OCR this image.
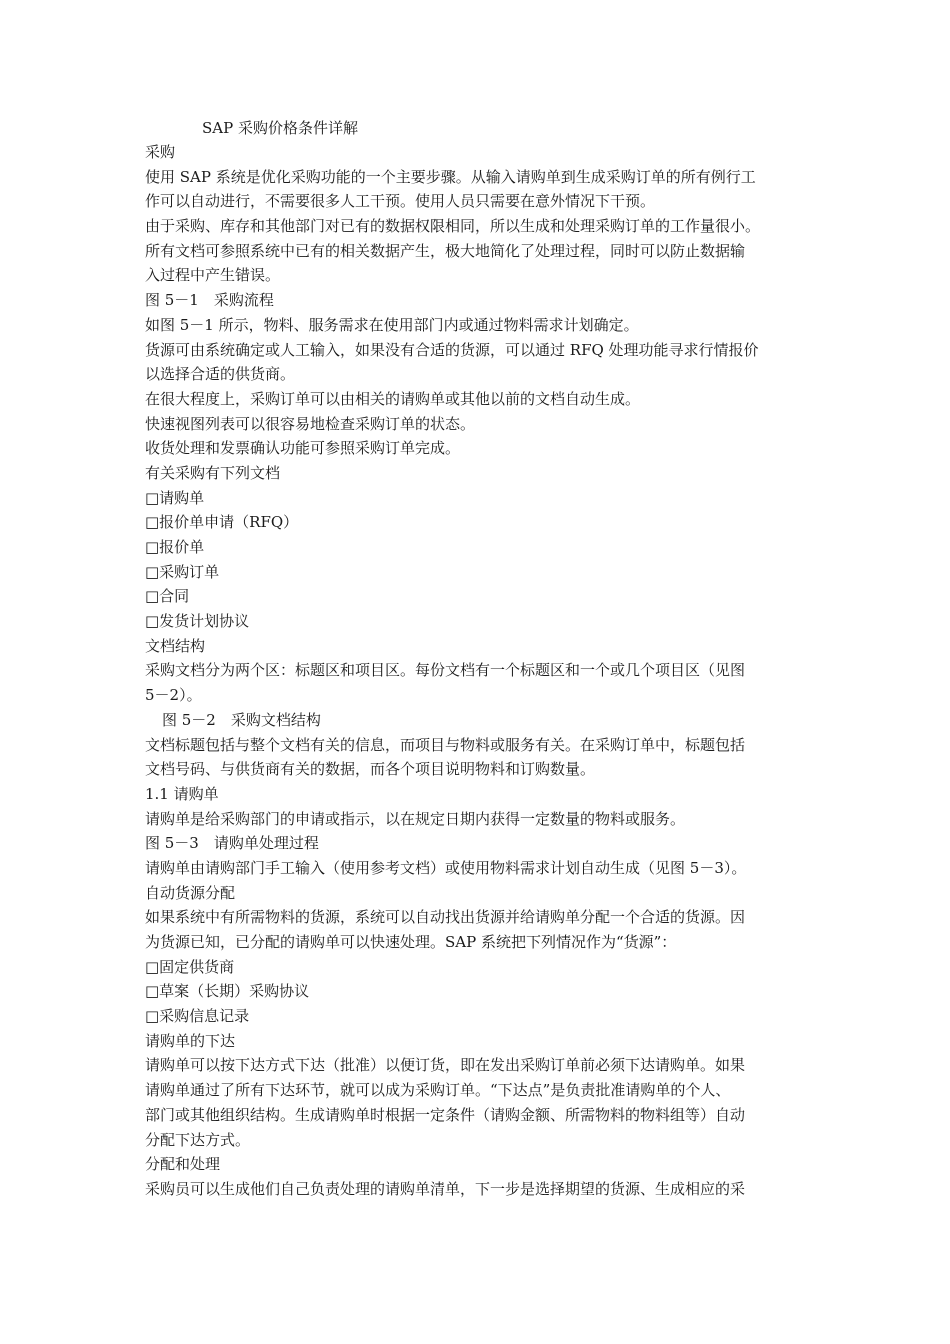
SAP 采购价格条件详解
采购
使用 SAP 系统是优化采购功能的一个主要步骤。从输入请购单到生成采购订单的所有例行工
作可以自动进行，不需要很多人工干预。使用人员只需要在意外情况下干预。
由于采购、库存和其他部门对已有的数据权限相同，所以生成和处理采购订单的工作量很小。
所有文档可参照系统中已有的相关数据产生，极大地简化了处理过程，同时可以防止数据输
入过程中产生错误。
图 5－1　采购流程
如图 5－1 所示，物料、服务需求在使用部门内或通过物料需求计划确定。
货源可由系统确定或人工输入，如果没有合适的货源，可以通过 RFQ 处理功能寻求行情报价
以选择合适的供货商。
在很大程度上，采购订单可以由相关的请购单或其他以前的文档自动生成。
快速视图列表可以很容易地检查采购订单的状态。
收货处理和发票确认功能可参照采购订单完成。
有关采购有下列文档
□请购单
□报价单申请（RFQ）
□报价单
□采购订单
□合同
□发货计划协议
文档结构
采购文档分为两个区：标题区和项目区。每份文档有一个标题区和一个或几个项目区（见图
5－2）。
图 5－2　采购文档结构
文档标题包括与整个文档有关的信息，而项目与物料或服务有关。在采购订单中，标题包括
文档号码、与供货商有关的数据，而各个项目说明物料和订购数量。
1.1 请购单
请购单是给采购部门的申请或指示，以在规定日期内获得一定数量的物料或服务。
图 5－3　请购单处理过程
请购单由请购部门手工输入（使用参考文档）或使用物料需求计划自动生成（见图 5－3）。
自动货源分配
如果系统中有所需物料的货源，系统可以自动找出货源并给请购单分配一个合适的货源。因
为货源已知，已分配的请购单可以快速处理。SAP 系统把下列情况作为“货源”：
□固定供货商
□草案（长期）采购协议
□采购信息记录
请购单的下达
请购单可以按下达方式下达（批准）以便订货，即在发出采购订单前必须下达请购单。如果
请购单通过了所有下达环节，就可以成为采购订单。“下达点”是负责批准请购单的个人、
部门或其他组织结构。生成请购单时根据一定条件（请购金额、所需物料的物料组等）自动
分配下达方式。
分配和处理
采购员可以生成他们自己负责处理的请购单清单，下一步是选择期望的货源、生成相应的采
